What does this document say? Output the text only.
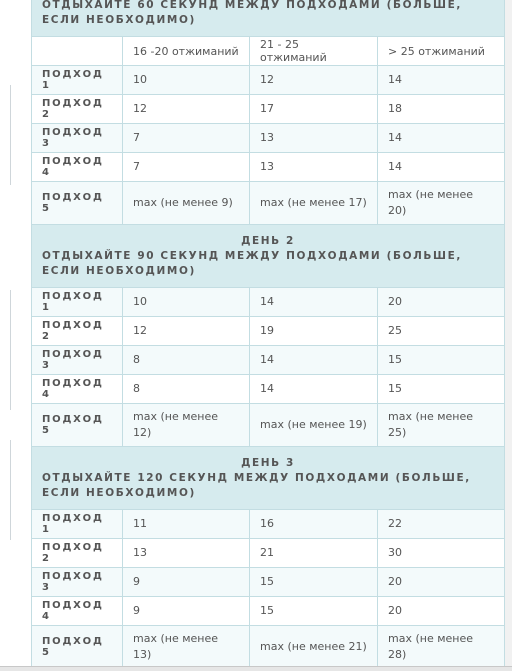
ОТДЫХАЙТЕ 60 СЕКУНД МЕЖДУ ПОДХОДАМИ (БОЛЬШЕ, ЕСЛИ НЕОБХОДИМО)			
	16 -20 отжиманий	21 - 25 отжиманий	> 25 отжиманий
ПОДХОД 1	10	12	14
ПОДХОД 2	12	17	18
ПОДХОД 3	7	13	14
ПОДХОД 4	7	13	14
ПОДХОД 5	max (не менее 9)	max (не менее 17)	max (не менее 20)

ДЕНЬ 2
ОТДЫХАЙТЕ 90 СЕКУНД МЕЖДУ ПОДХОДАМИ (БОЛЬШЕ, ЕСЛИ НЕОБХОДИМО)			
ПОДХОД 1	10	14	20
ПОДХОД 2	12	19	25
ПОДХОД 3	8	14	15
ПОДХОД 4	8	14	15
ПОДХОД 5	max (не менее 12)	max (не менее 19)	max (не менее 25)

ДЕНЬ 3
ОТДЫХАЙТЕ 120 СЕКУНД МЕЖДУ ПОДХОДАМИ (БОЛЬШЕ, ЕСЛИ НЕОБХОДИМО)			
ПОДХОД 1	11	16	22
ПОДХОД 2	13	21	30
ПОДХОД 3	9	15	20
ПОДХОД 4	9	15	20
ПОДХОД 5	max (не менее 13)	max (не менее 21)	max (не менее 28)
